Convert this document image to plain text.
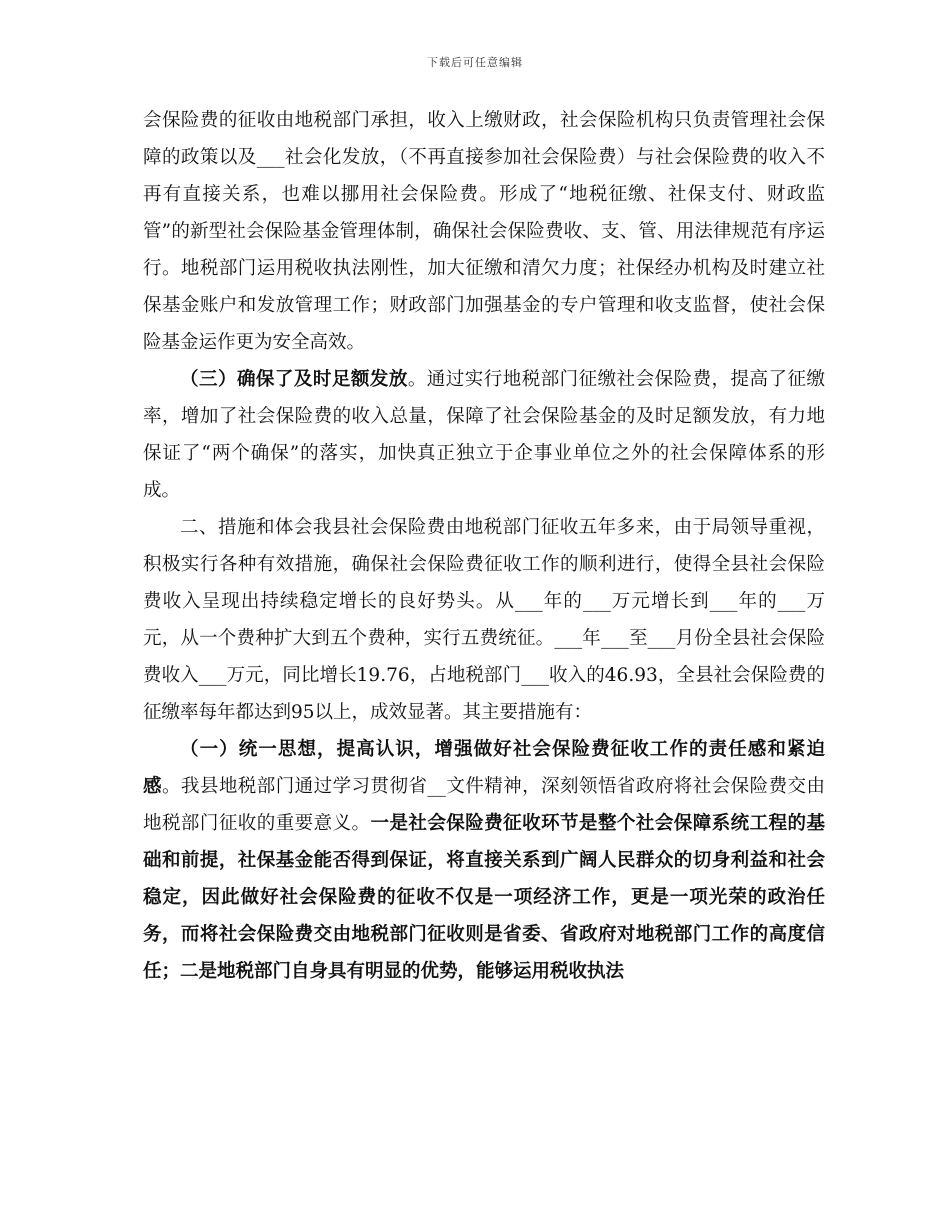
下载后可任意编辑

会保险费的征收由地税部门承担，收入上缴财政，社会保险机构只负责管理社会保障的政策以及___社会化发放，（不再直接参加社会保险费）与社会保险费的收入不再有直接关系，也难以挪用社会保险费。形成了“地税征缴、社保支付、财政监管”的新型社会保险基金管理体制，确保社会保险费收、支、管、用法律规范有序运行。地税部门运用税收执法刚性，加大征缴和清欠力度；社保经办机构及时建立社保基金账户和发放管理工作；财政部门加强基金的专户管理和收支监督，使社会保险基金运作更为安全高效。

（三）确保了及时足额发放。通过实行地税部门征缴社会保险费，提高了征缴率，增加了社会保险费的收入总量，保障了社会保险基金的及时足额发放，有力地保证了“两个确保”的落实，加快真正独立于企事业单位之外的社会保障体系的形成。

二、措施和体会我县社会保险费由地税部门征收五年多来，由于局领导重视，积极实行各种有效措施，确保社会保险费征收工作的顺利进行，使得全县社会保险费收入呈现出持续稳定增长的良好势头。从___年的___万元增长到___年的___万元，从一个费种扩大到五个费种，实行五费统征。___年___至___月份全县社会保险费收入___万元，同比增长19.76，占地税部门___收入的46.93，全县社会保险费的征缴率每年都达到95以上，成效显著。其主要措施有：

（一）统一思想，提高认识，增强做好社会保险费征收工作的责任感和紧迫感。我县地税部门通过学习贯彻省__文件精神，深刻领悟省政府将社会保险费交由地税部门征收的重要意义。一是社会保险费征收环节是整个社会保障系统工程的基础和前提，社保基金能否得到保证，将直接关系到广阔人民群众的切身利益和社会稳定，因此做好社会保险费的征收不仅是一项经济工作，更是一项光荣的政治任务，而将社会保险费交由地税部门征收则是省委、省政府对地税部门工作的高度信任；二是地税部门自身具有明显的优势，能够运用税收执法
